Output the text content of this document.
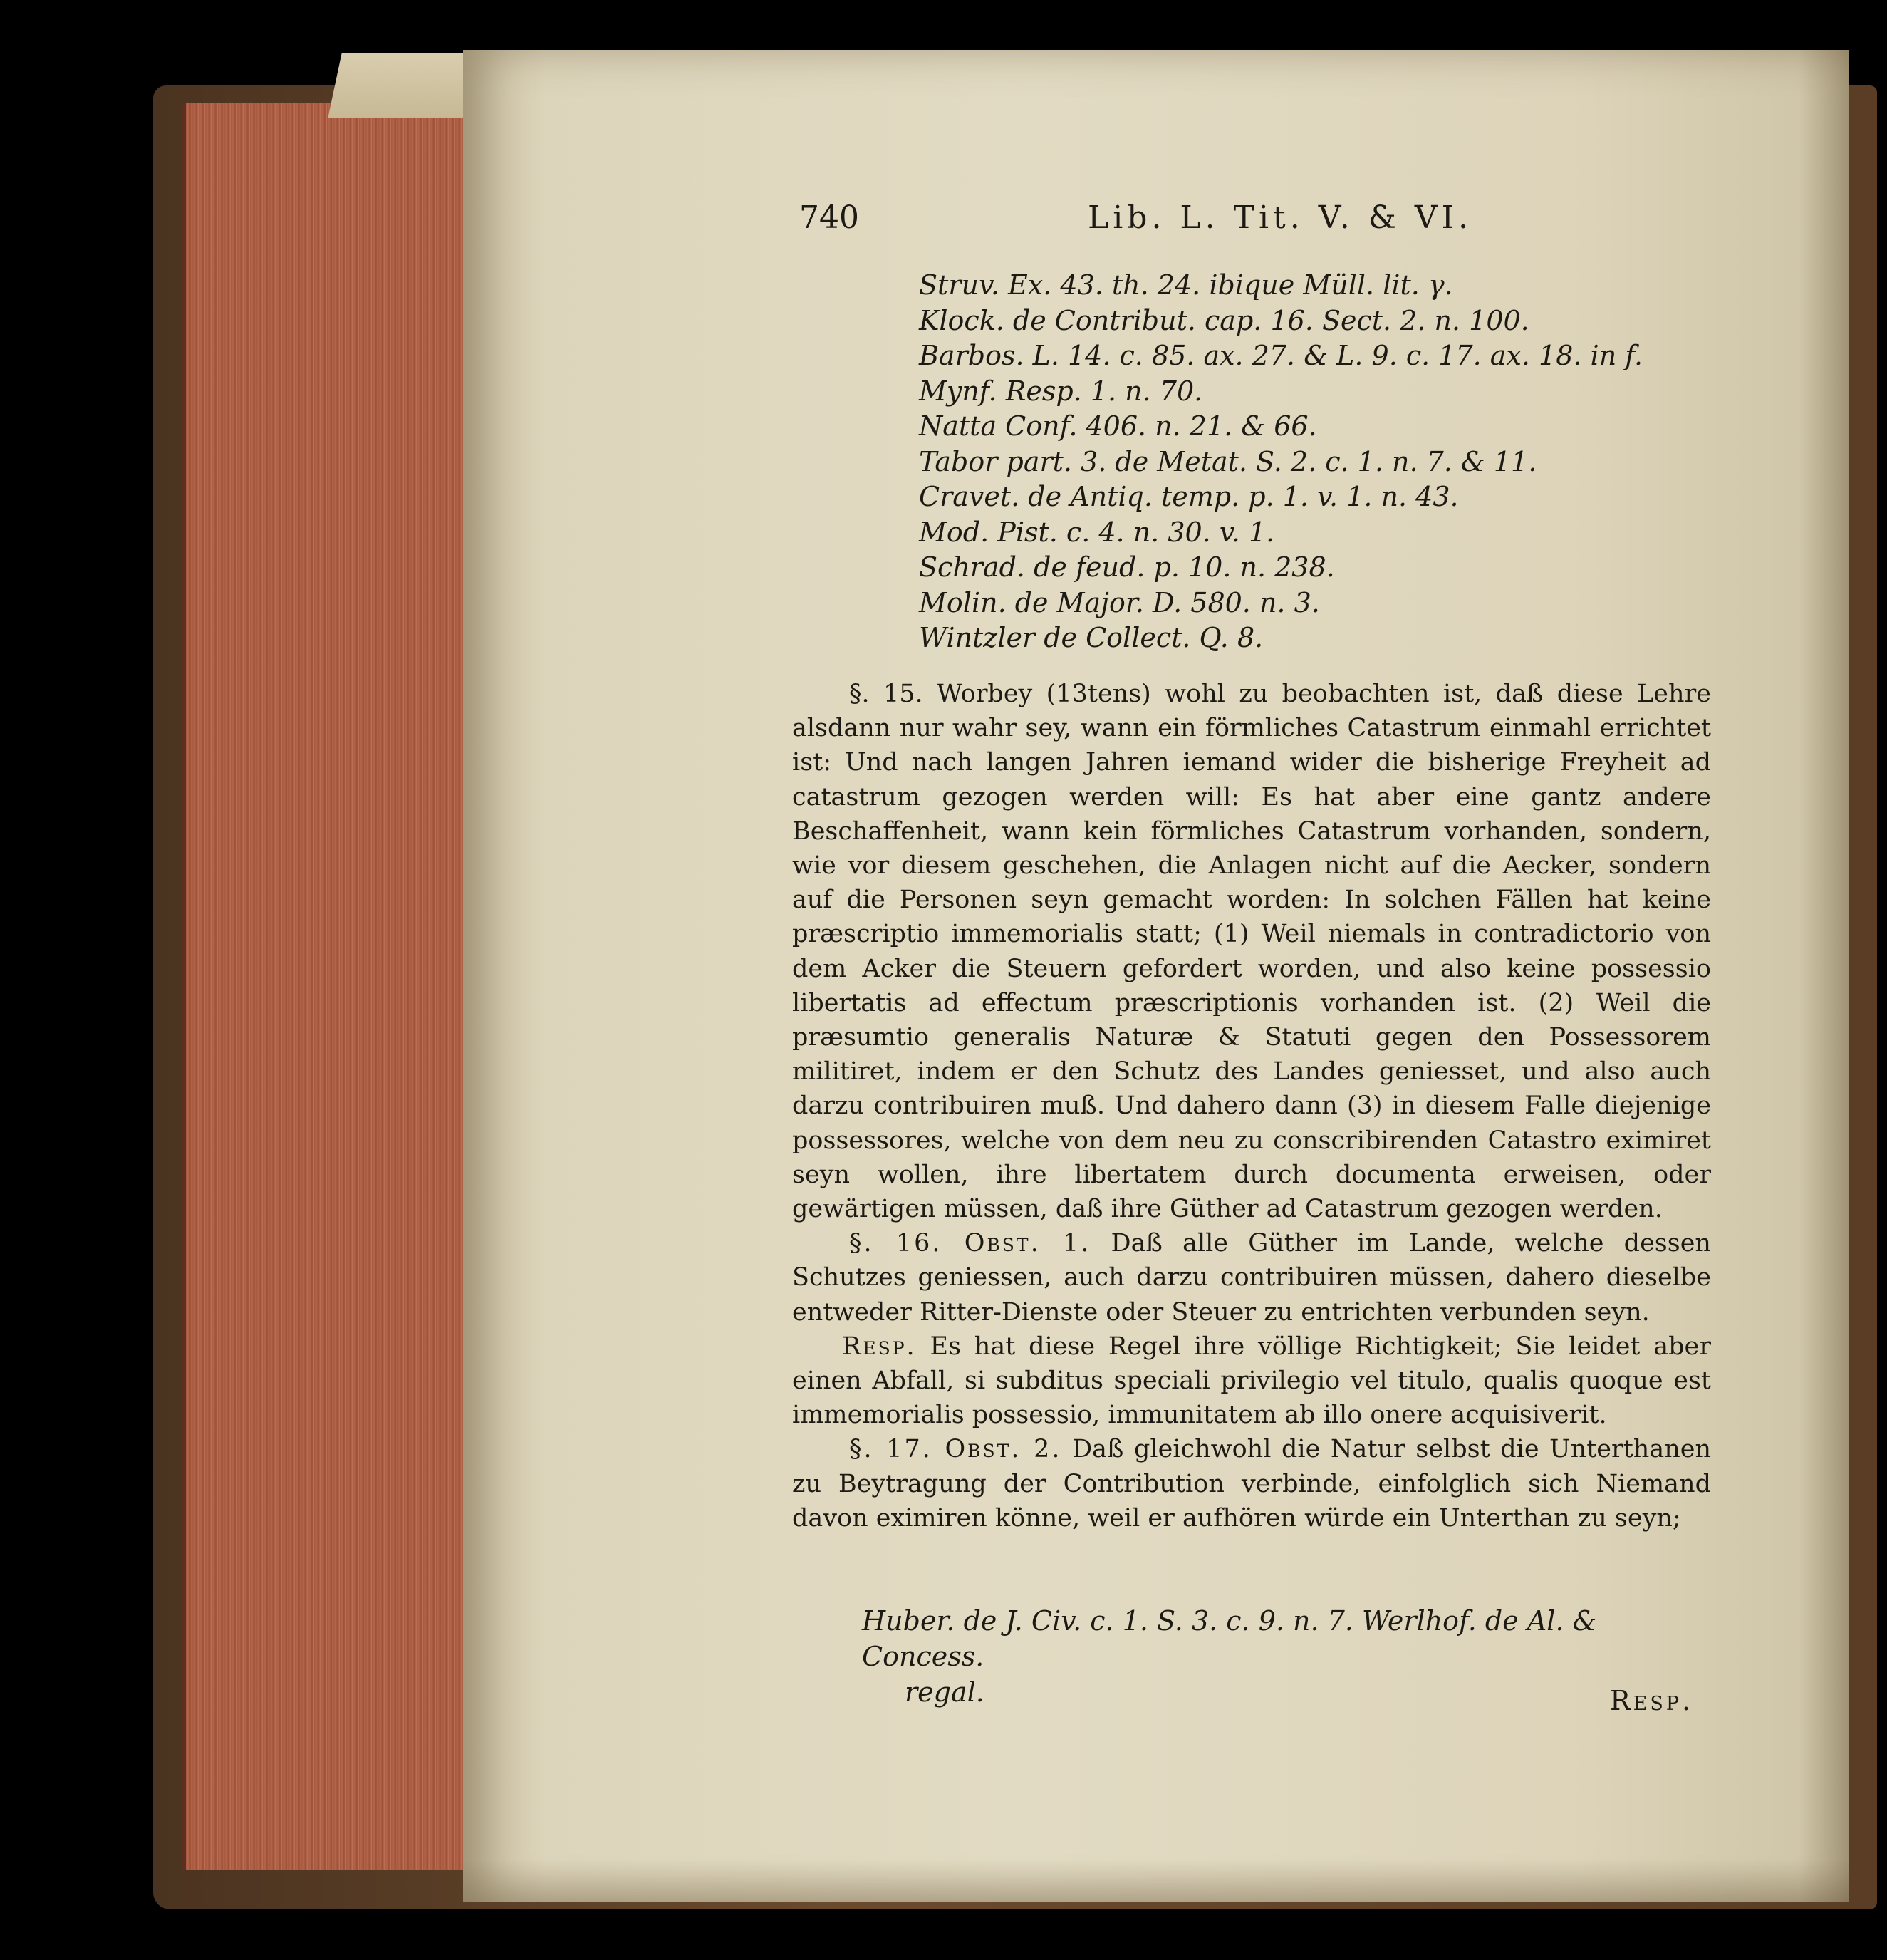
740	Lib. L. Tit. V. & VI.
Struv. Ex. 43. th. 24. ibique Müll. lit. γ.
Klock. de Contribut. cap. 16. Sect. 2. n. 100.
Barbos. L. 14. c. 85. ax. 27. & L. 9. c. 17. ax. 18. in f.
Mynf. Resp. 1. n. 70.
Natta Conf. 406. n. 21. & 66.
Tabor part. 3. de Metat. S. 2. c. 1. n. 7. & 11.
Cravet. de Antiq. temp. p. 1. v. 1. n. 43.
Mod. Pist. c. 4. n. 30. v. 1.
Schrad. de feud. p. 10. n. 238.
Molin. de Major. D. 580. n. 3.
Wintzler de Collect. Q. 8.

§. 15. Worbey (13tens) wohl zu beobachten ist, daß diese Lehre alsdann nur wahr sey, wann ein förmliches Catastrum einmahl errichtet ist: Und nach langen Jahren iemand wider die bisherige Freyheit ad catastrum gezogen werden will: Es hat aber eine gantz andere Beschaffenheit, wann kein förmliches Catastrum vorhanden, sondern, wie vor diesem geschehen, die Anlagen nicht auf die Aecker, sondern auf die Personen seyn gemacht worden: In solchen Fällen hat keine præscriptio immemorialis statt; (1) Weil niemals in contradictorio von dem Acker die Steuern gefordert worden, und also keine possessio libertatis ad effectum præscriptionis vorhanden ist. (2) Weil die præsumtio generalis Naturæ & Statuti gegen den Possessorem militiret, indem er den Schutz des Landes geniesset, und also auch darzu contribuiren muß. Und dahero dann (3) in diesem Falle diejenige possessores, welche von dem neu zu conscribirenden Catastro eximiret seyn wollen, ihre libertatem durch documenta erweisen, oder gewärtigen müssen, daß ihre Güther ad Catastrum gezogen werden.

§. 16. Obst. 1. Daß alle Güther im Lande, welche dessen Schutzes geniessen, auch darzu contribuiren müssen, dahero dieselbe entweder Ritter-Dienste oder Steuer zu entrichten verbunden seyn.

Resp. Es hat diese Regel ihre völlige Richtigkeit; Sie leidet aber einen Abfall, si subditus speciali privilegio vel titulo, qualis quoque est immemorialis possessio, immunitatem ab illo onere acquisiverit.

§. 17. Obst. 2. Daß gleichwohl die Natur selbst die Unterthanen zu Beytragung der Contribution verbinde, einfolglich sich Niemand davon eximiren könne, weil er aufhören würde ein Unterthan zu seyn;

Huber. de J. Civ. c. 1. S. 3. c. 9. n. 7. Werlhof. de Al. & Concess.
regal.	Resp.
